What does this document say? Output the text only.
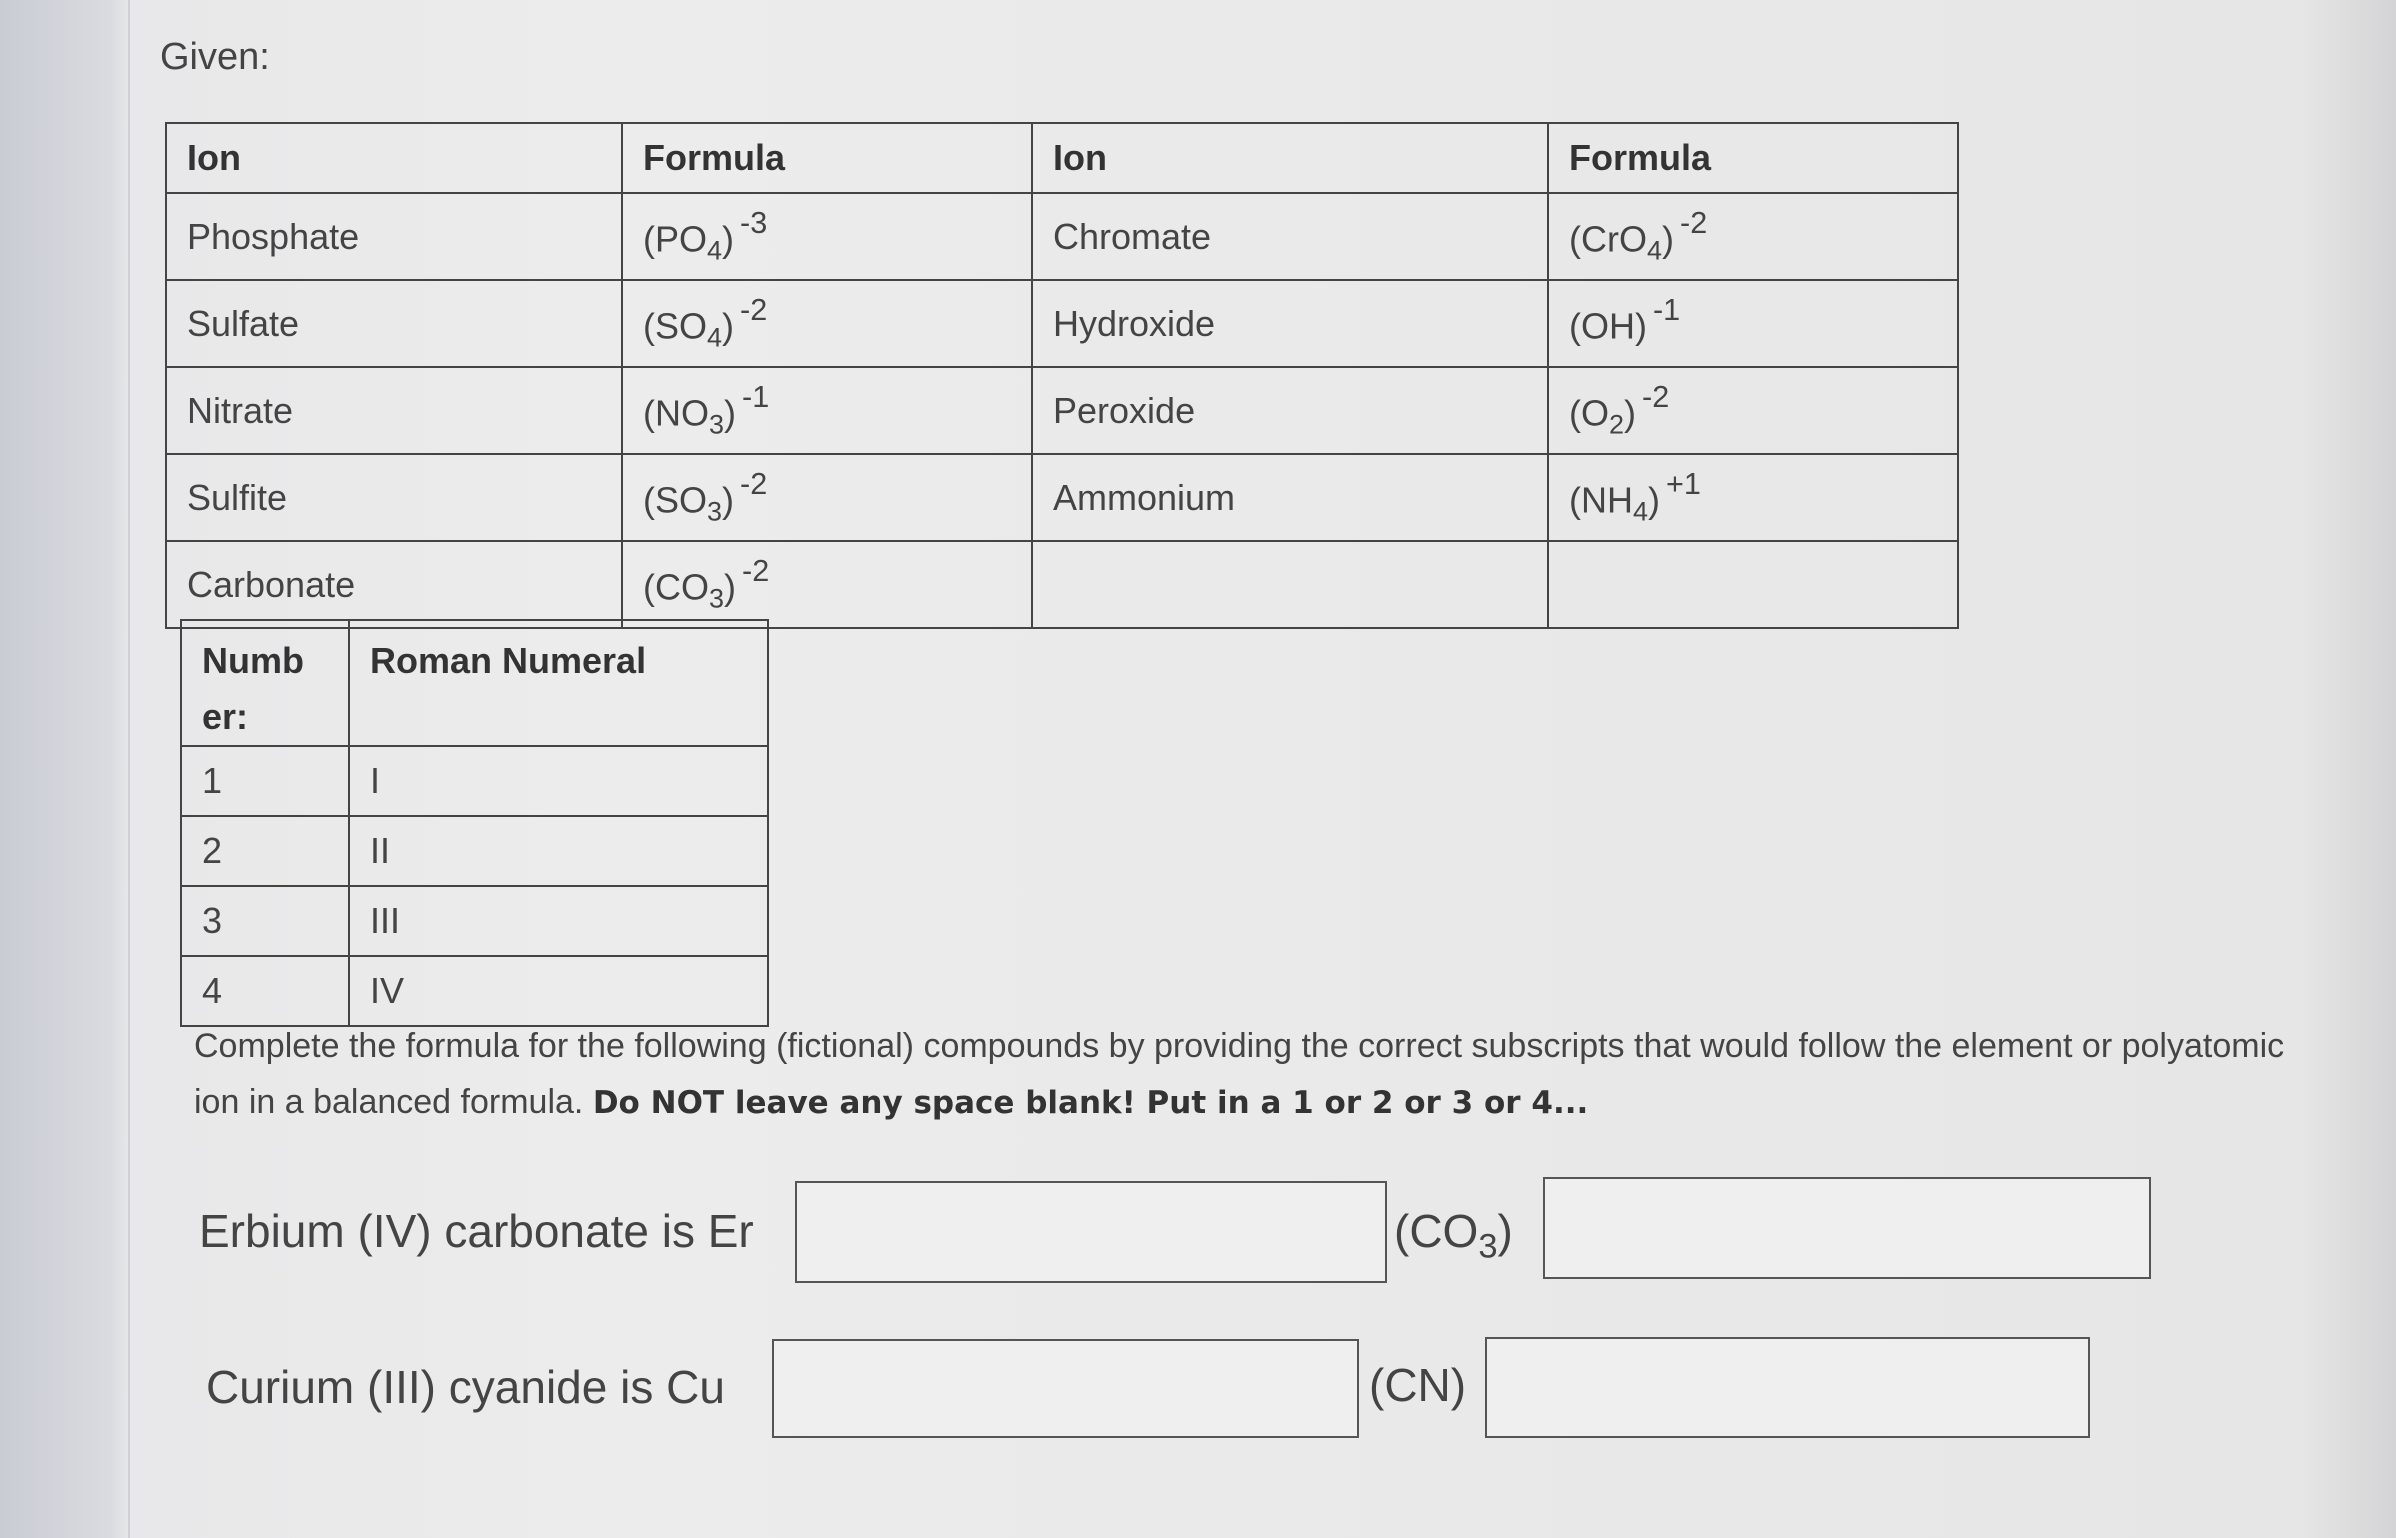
Given:
Ion	Formula	Ion	Formula
Phosphate	$(PO_4)$ $^{-3}$	Chromate	(CrO$_4$) $^{-2}$
Sulfate	$(SO_4)$ $^{-2}$	Hydroxide	(OH) $^{-1}$
Nitrate	$(NO_3)$ $^{-1}$	Peroxide	$(O_2)$ $^{-2}$
Sulfite	$(SO_3)$ $^{-2}$	Ammonium	$(NH_4)$ $^{+1}$
Carbonate	$(CO_3)$ $^{-2}$		
Numb er:	Roman Numeral
1	I
2	II
3	III
4	IV
Complete the formula for the following (fictional) compounds by providing the correct subscripts that would follow the element or polyatomic ion in a balanced formula. Do NOT leave any space blank! Put in a 1 or 2 or 3 or 4...
Erbium (IV) carbonate is Er	$(CO_3)$
Curium (III) cyanide is Cu	(CN)
